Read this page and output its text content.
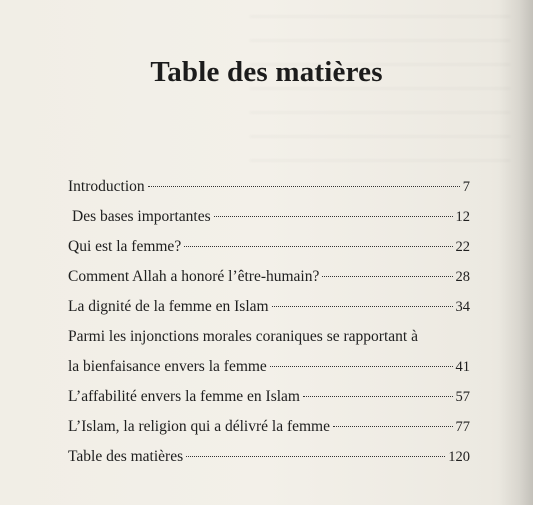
Table des matières
Introduction	7
Des bases importantes	12
Qui est la femme?	22
Comment Allah a honoré l’être-humain?	28
La dignité de la femme en Islam	34
Parmi les injonctions morales coraniques se rapportant à
la bienfaisance envers la femme	41
L’affabilité envers la femme en Islam	57
L’Islam, la religion qui a délivré la femme	77
Table des matières	120
